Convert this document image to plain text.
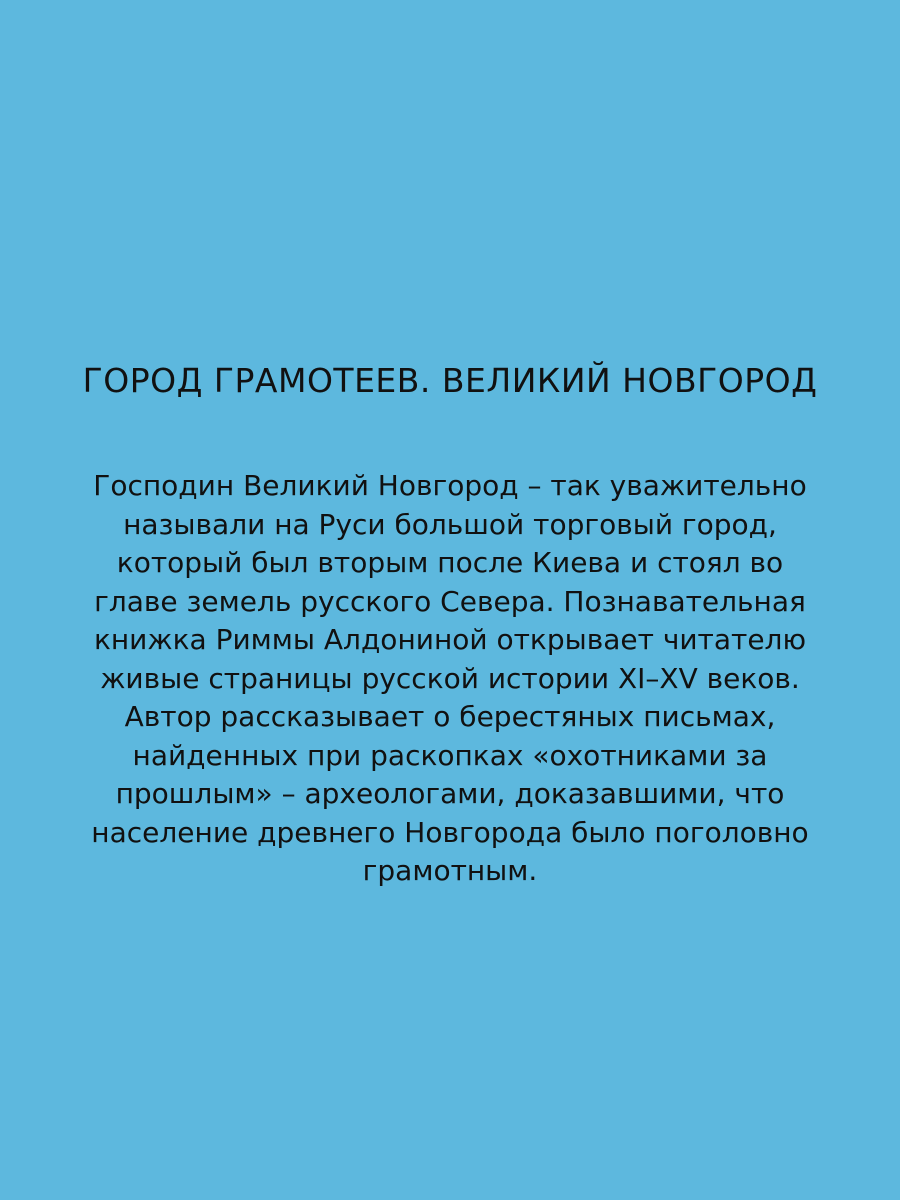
ГОРОД ГРАМОТЕЕВ. ВЕЛИКИЙ НОВГОРОД
Господин Великий Новгород – так уважительно
называли на Руси большой торговый город,
который был вторым после Киева и стоял во
главе земель русского Севера. Познавательная
книжка Риммы Алдониной открывает читателю
живые страницы русской истории XI–XV веков.
Автор рассказывает о берестяных письмах,
найденных при раскопках «охотниками за
прошлым» – археологами, доказавшими, что
население древнего Новгорода было поголовно
грамотным.
